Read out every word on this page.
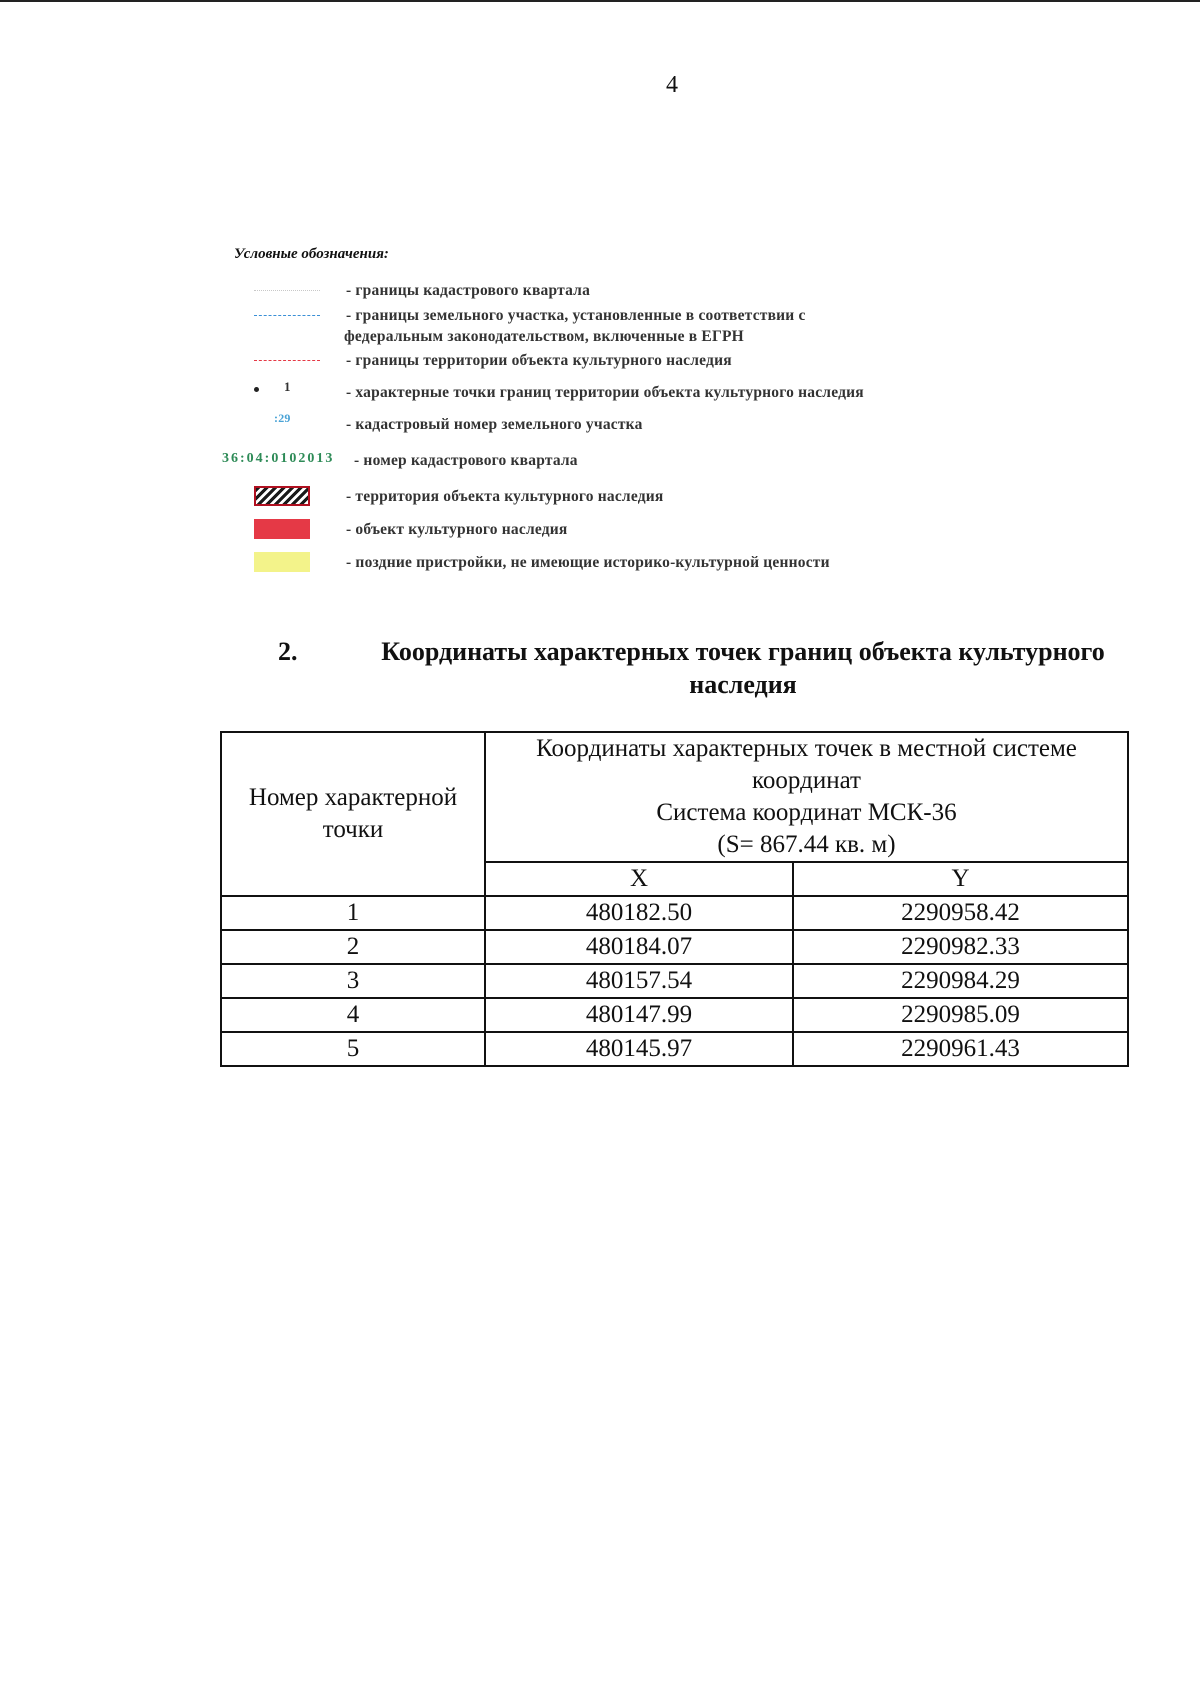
4
Условные обозначения:
- границы кадастрового квартала
- границы земельного участка, установленные в соответствии с
федеральным законодательством, включенные в ЕГРН
- границы территории объекта культурного наследия
1	- характерные точки границ территории объекта культурного наследия
:29	- кадастровый номер земельного участка
36:04:0102013 - номер кадастрового квартала
- территория объекта культурного наследия
- объект культурного наследия
- поздние пристройки, не имеющие историко-культурной ценности
2.	Координаты характерных точек границ объекта культурного наследия
Номер характерной точки	Координаты характерных точек в местной системе координат
Система координат МСК-36
(S= 867.44 кв. м)	

	X	Y
1	480182.50	2290958.42
2	480184.07	2290982.33
3	480157.54	2290984.29
4	480147.99	2290985.09
5	480145.97	2290961.43
